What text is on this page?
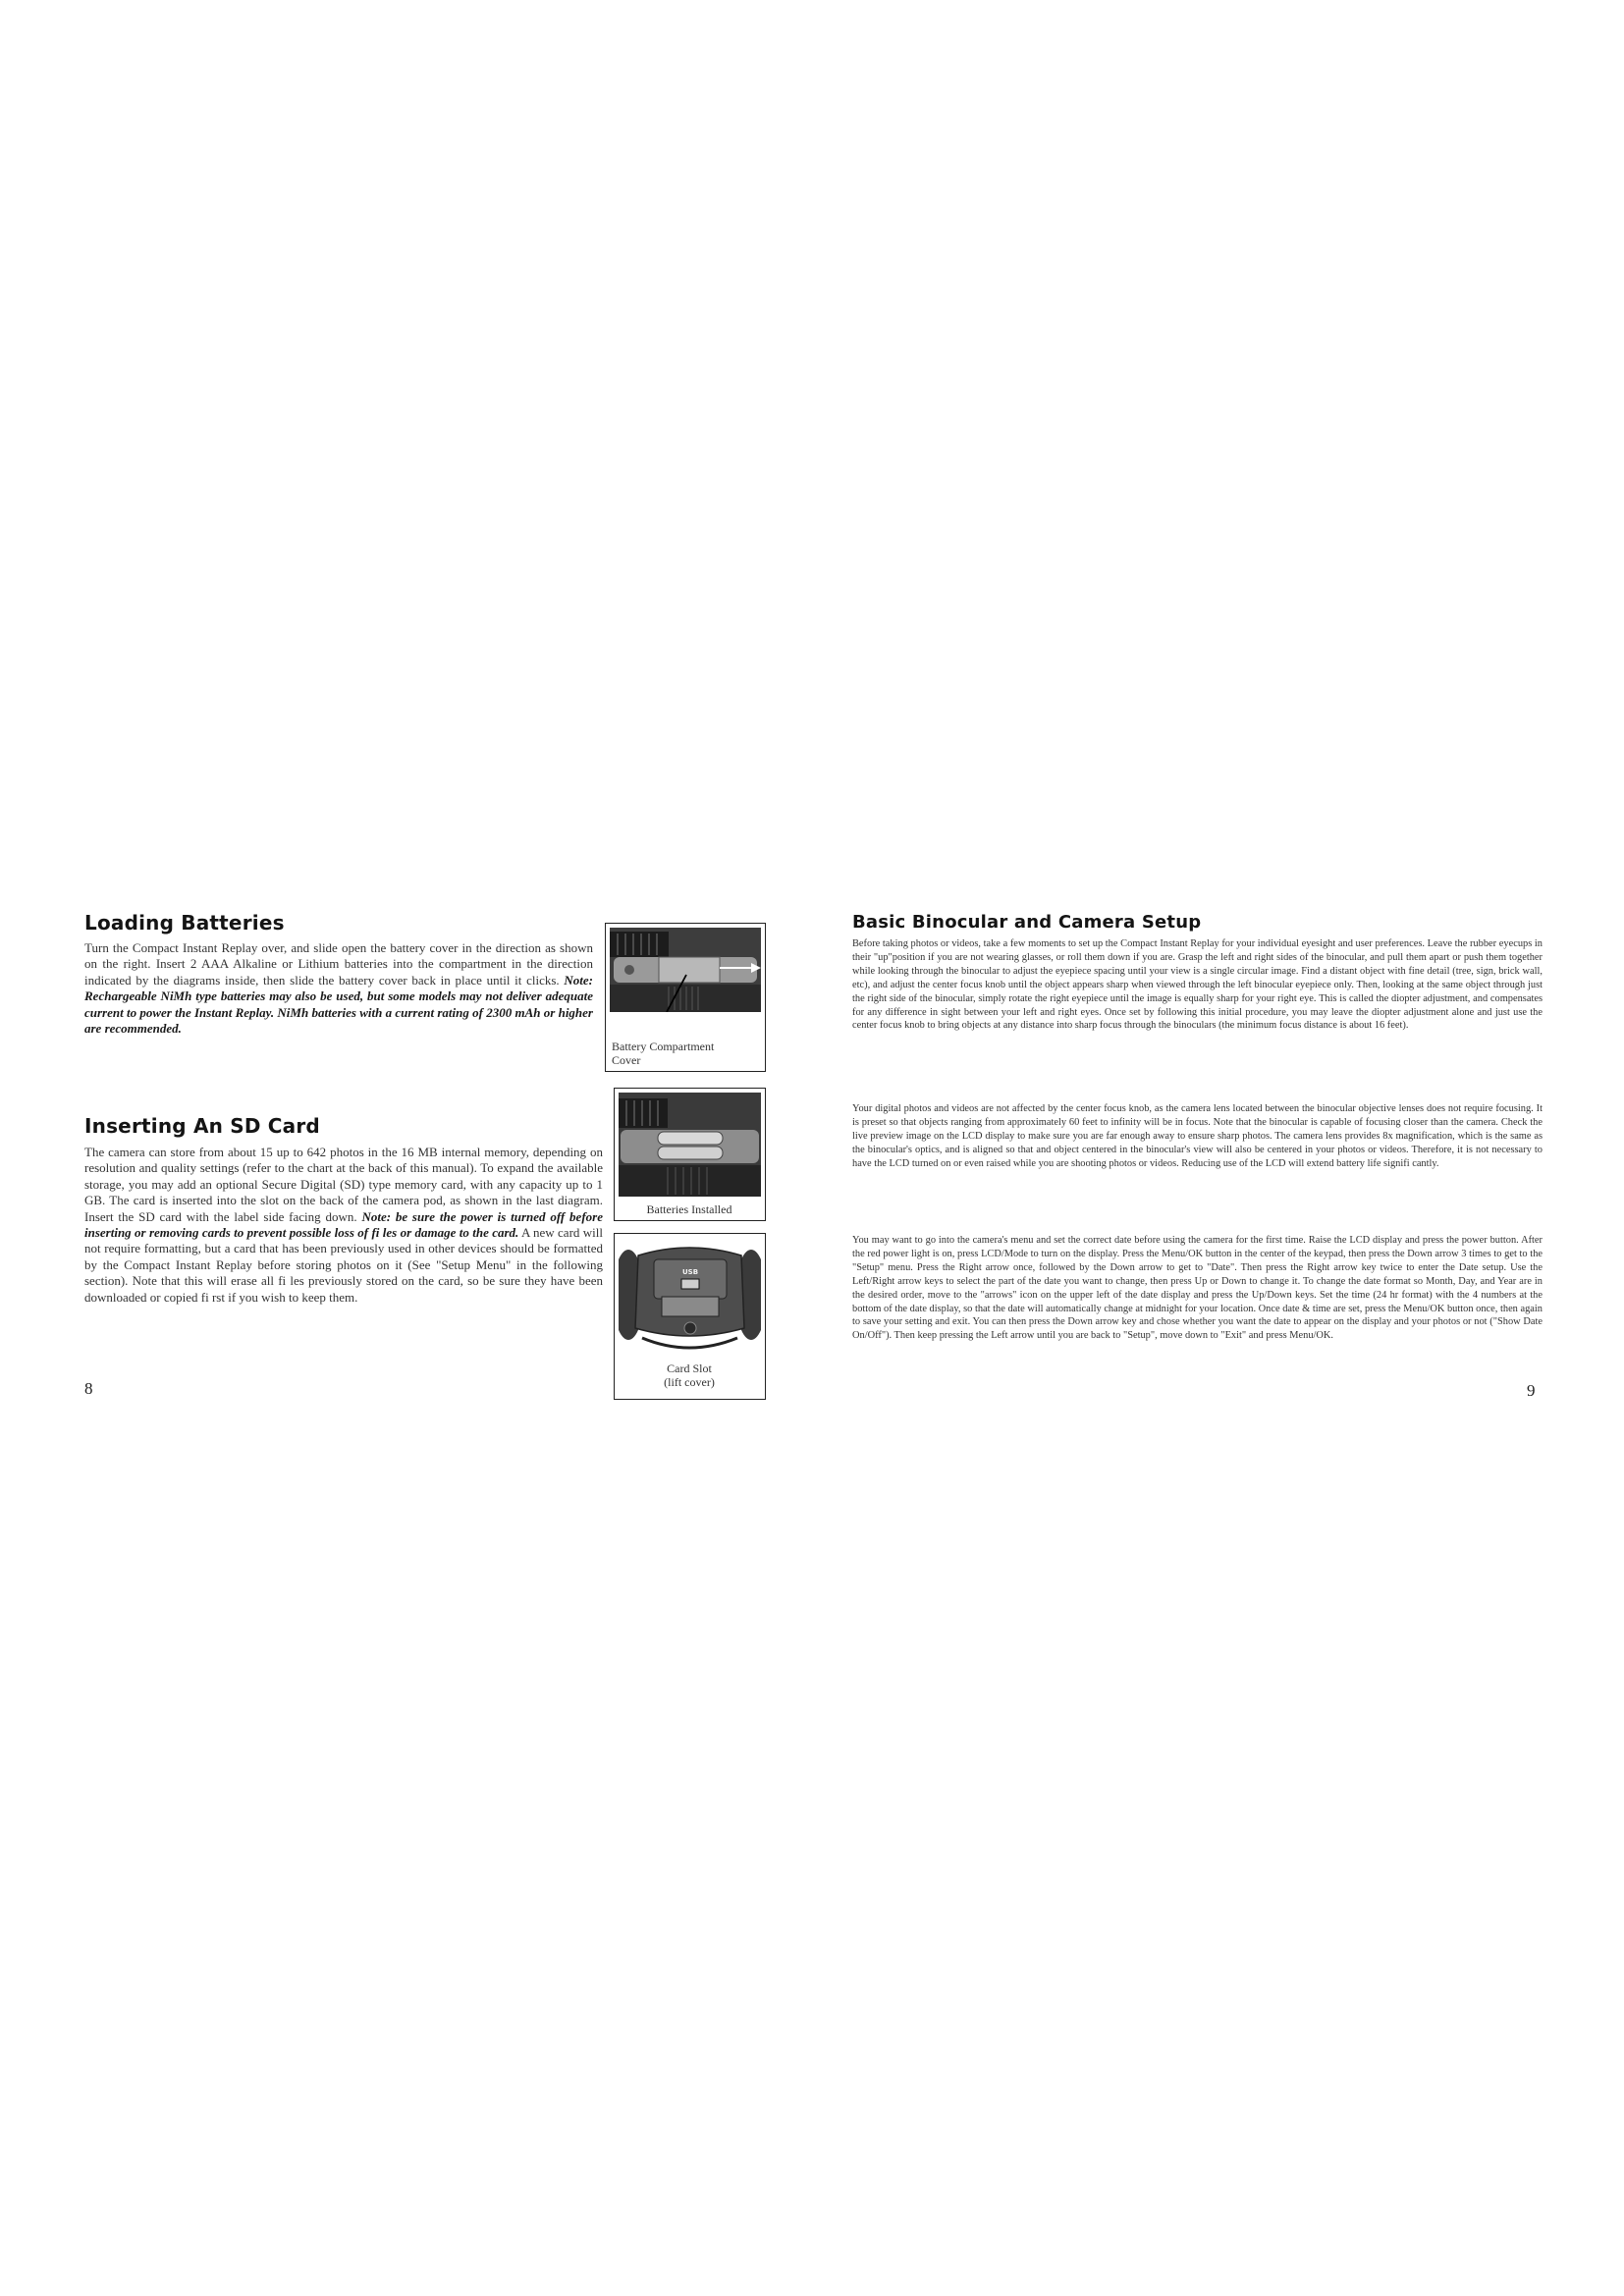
Loading Batteries

Turn the Compact Instant Replay over, and slide open the battery cover in the direction as shown on the right. Insert 2 AAA Alkaline or Lithium batteries into the compartment in the direction indicated by the diagrams inside, then slide the battery cover back in place until it clicks. Note: Rechargeable NiMh type batteries may also be used, but some models may not deliver adequate current to power the Instant Replay. NiMh batteries with a current rating of 2300 mAh or higher are recommended.

Inserting An SD Card

The camera can store from about 15 up to 642 photos in the 16 MB internal memory, depending on resolution and quality settings (refer to the chart at the back of this manual). To expand the available storage, you may add an optional Secure Digital (SD) type memory card, with any capacity up to 1 GB. The card is inserted into the slot on the back of the camera pod, as shown in the last diagram. Insert the SD card with the label side facing down. Note: be sure the power is turned off before inserting or removing cards to prevent possible loss of fi les or damage to the card. A new card will not require formatting, but a card that has been previously used in other devices should be formatted by the Compact Instant Replay before storing photos on it (See "Setup Menu" in the following section). Note that this will erase all fi les previously stored on the card, so be sure they have been downloaded or copied fi rst if you wish to keep them.

8
Battery Compartment Cover
Batteries Installed
USB
Card Slot
(lift cover)
Basic Binocular and Camera Setup

Before taking photos or videos, take a few moments to set up the Compact Instant Replay for your individual eyesight and user preferences. Leave the rubber eyecups in their "up"position if you are not wearing glasses, or roll them down if you are. Grasp the left and right sides of the binocular, and pull them apart or push them together while looking through the binocular to adjust the eyepiece spacing until your view is a single circular image. Find a distant object with fine detail (tree, sign, brick wall, etc), and adjust the center focus knob until the object appears sharp when viewed through the left binocular eyepiece only. Then, looking at the same object through just the right side of the binocular, simply rotate the right eyepiece until the image is equally sharp for your right eye. This is called the diopter adjustment, and compensates for any difference in sight between your left and right eyes. Once set by following this initial procedure, you may leave the diopter adjustment alone and just use the center focus knob to bring objects at any distance into sharp focus through the binoculars (the minimum focus distance is about 16 feet).

Your digital photos and videos are not affected by the center focus knob, as the camera lens located between the binocular objective lenses does not require focusing. It is preset so that objects ranging from approximately 60 feet to infinity will be in focus. Note that the binocular is capable of focusing closer than the camera. Check the live preview image on the LCD display to make sure you are far enough away to ensure sharp photos. The camera lens provides 8x magnification, which is the same as the binocular's optics, and is aligned so that and object centered in the binocular's view will also be centered in your photos or videos. Therefore, it is not necessary to have the LCD turned on or even raised while you are shooting photos or videos. Reducing use of the LCD will extend battery life signifi cantly.

You may want to go into the camera's menu and set the correct date before using the camera for the first time. Raise the LCD display and press the power button. After the red power light is on, press LCD/Mode to turn on the display. Press the Menu/OK button in the center of the keypad, then press the Down arrow 3 times to get to the "Setup" menu. Press the Right arrow once, followed by the Down arrow to get to "Date". Then press the Right arrow key twice to enter the Date setup. Use the Left/Right arrow keys to select the part of the date you want to change, then press Up or Down to change it. To change the date format so Month, Day, and Year are in the desired order, move to the "arrows" icon on the upper left of the date display and press the Up/Down keys. Set the time (24 hr format) with the 4 numbers at the bottom of the date display, so that the date will automatically change at midnight for your location. Once date & time are set, press the Menu/OK button once, then again to save your setting and exit. You can then press the Down arrow key and chose whether you want the date to appear on the display and your photos or not ("Show Date On/Off"). Then keep pressing the Left arrow until you are back to "Setup", move down to "Exit" and press Menu/OK.

9
